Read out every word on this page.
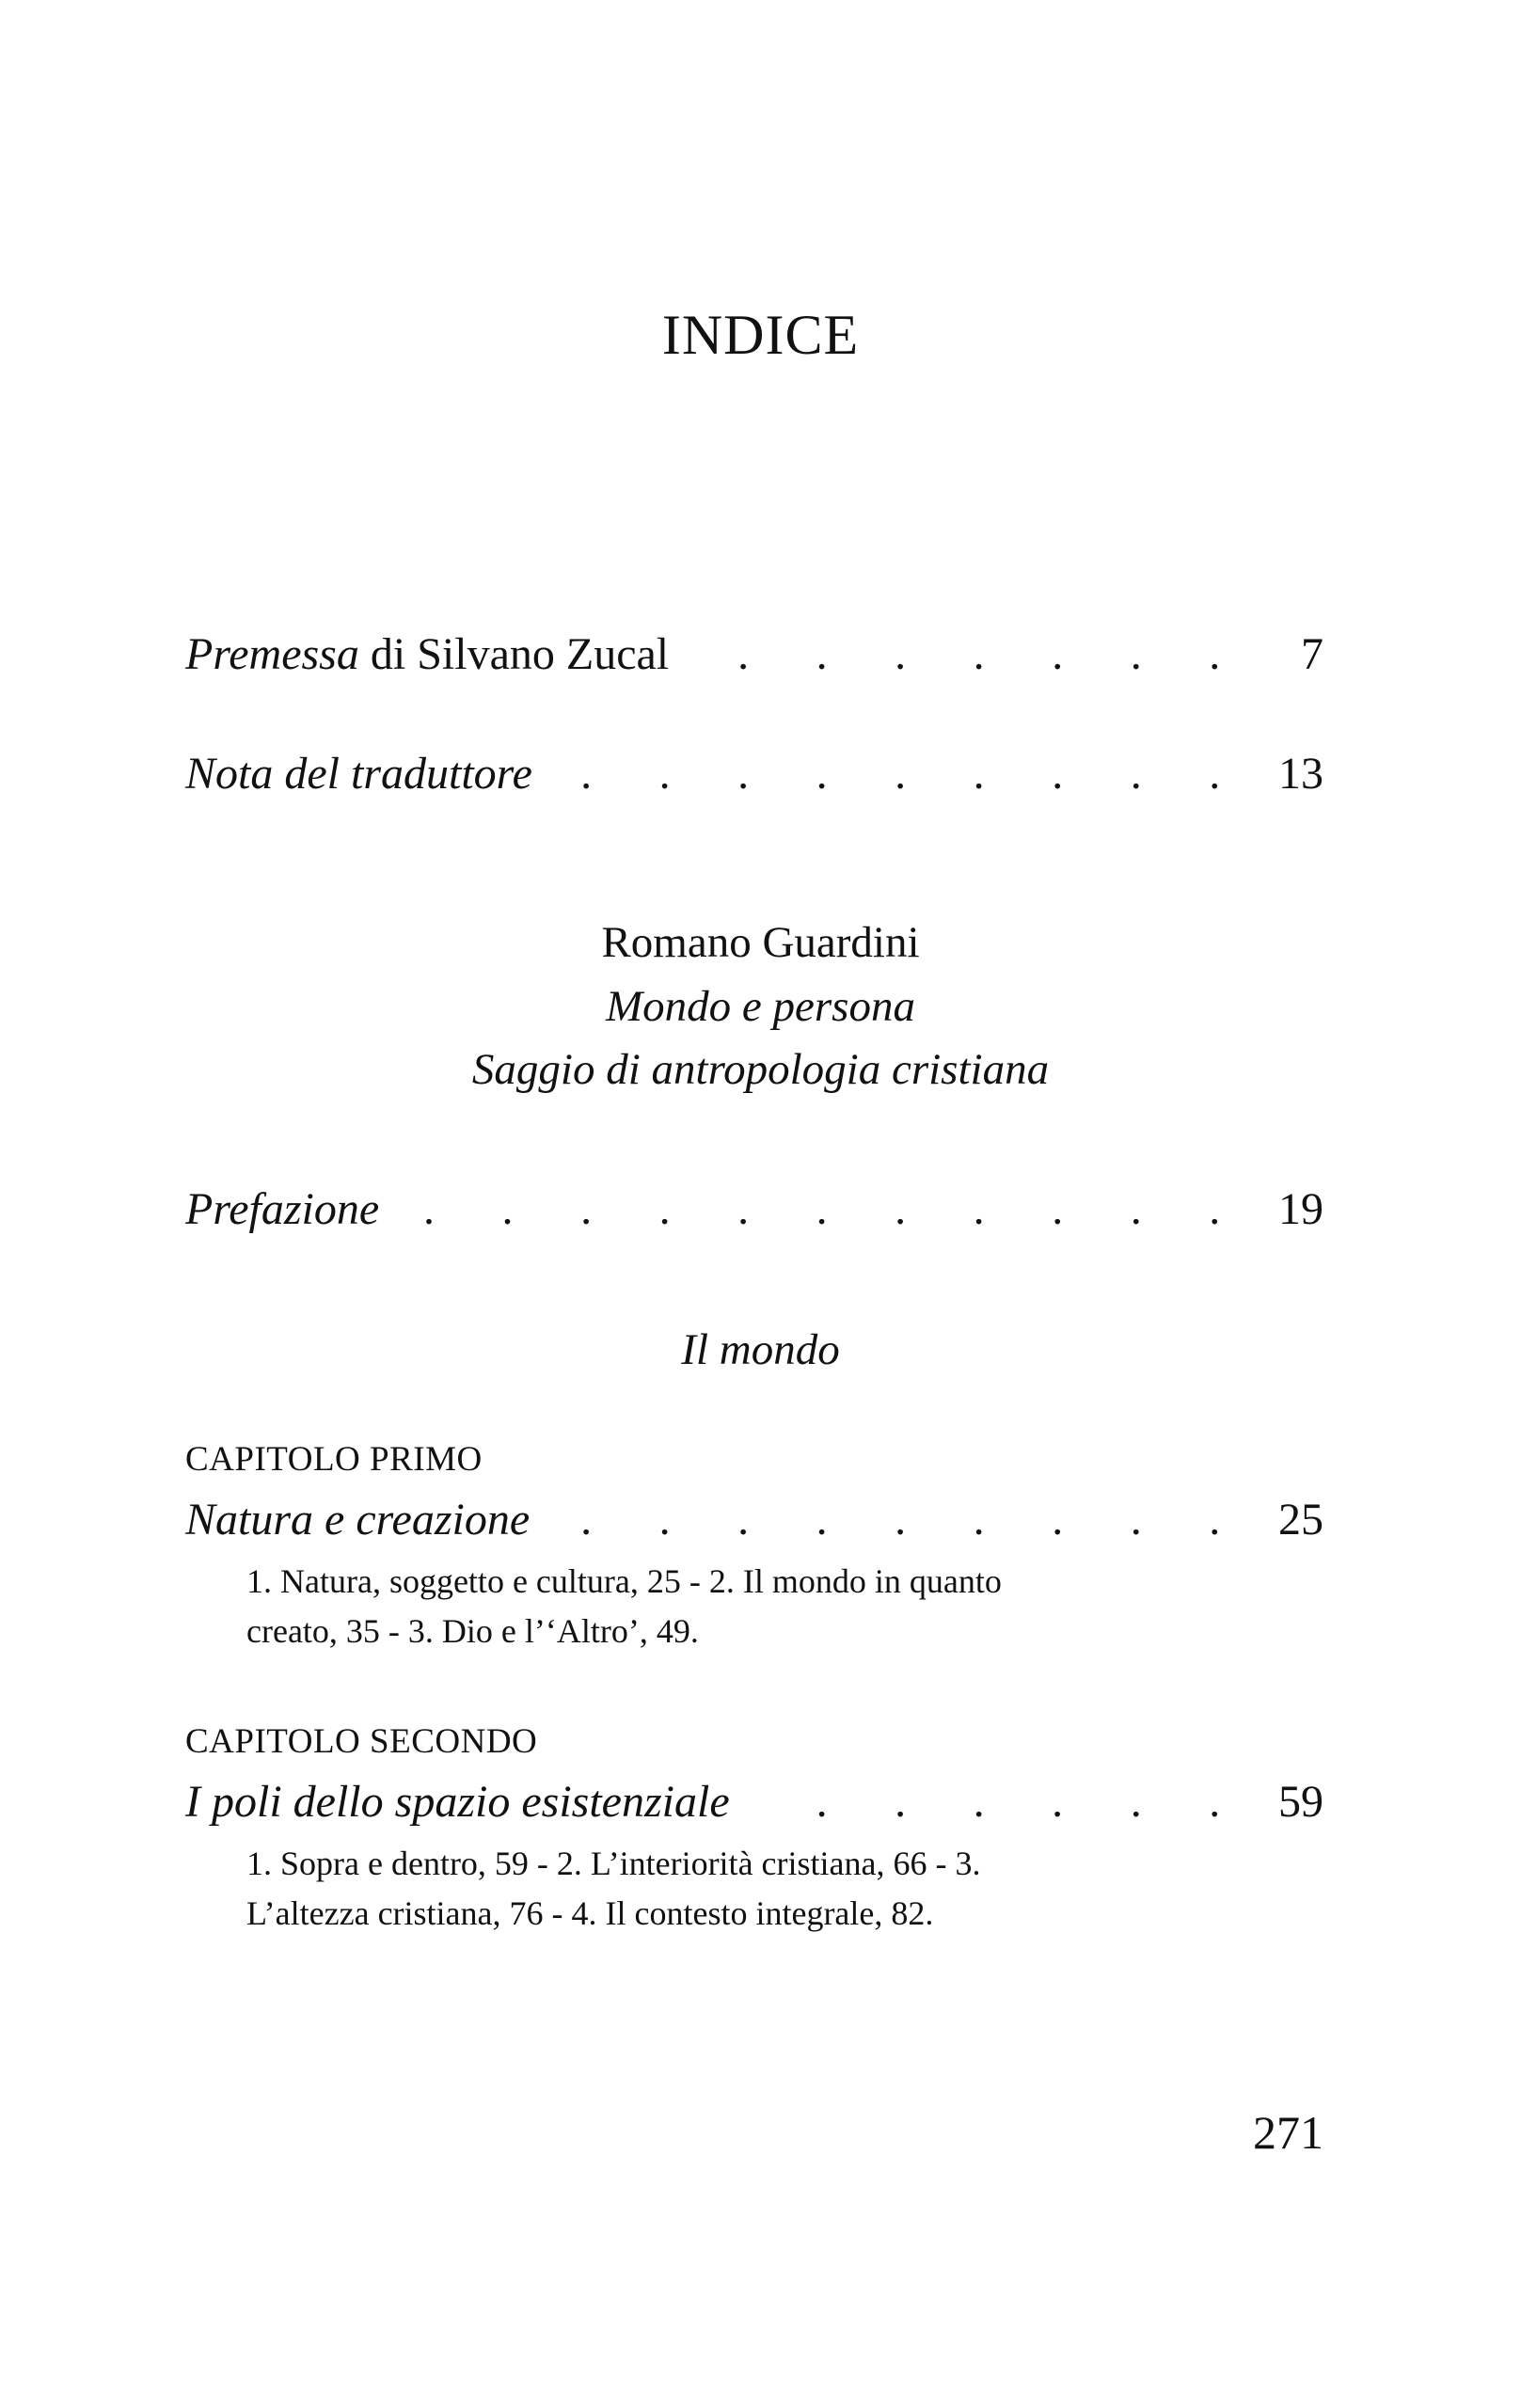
INDICE
Premessa di Silvano Zucal	. . . . . . .	7
Nota del traduttore	. . . . . . . . . 13
Romano Guardini
Mondo e persona
Saggio di antropologia cristiana
Prefazione . . . . . . . . . . . 19
Il mondo
CAPITOLO PRIMO
Natura e creazione	. . . . . . . . . 25
1. Natura, soggetto e cultura, 25 - 2. Il mondo in quanto
creato, 35 - 3. Dio e l’‘Altro’, 49.
CAPITOLO SECONDO
I poli dello spazio esistenziale	. . . . . . 59
1. Sopra e dentro, 59 - 2. L’interiorità cristiana, 66 - 3.
L’altezza cristiana, 76 - 4. Il contesto integrale, 82.
271
